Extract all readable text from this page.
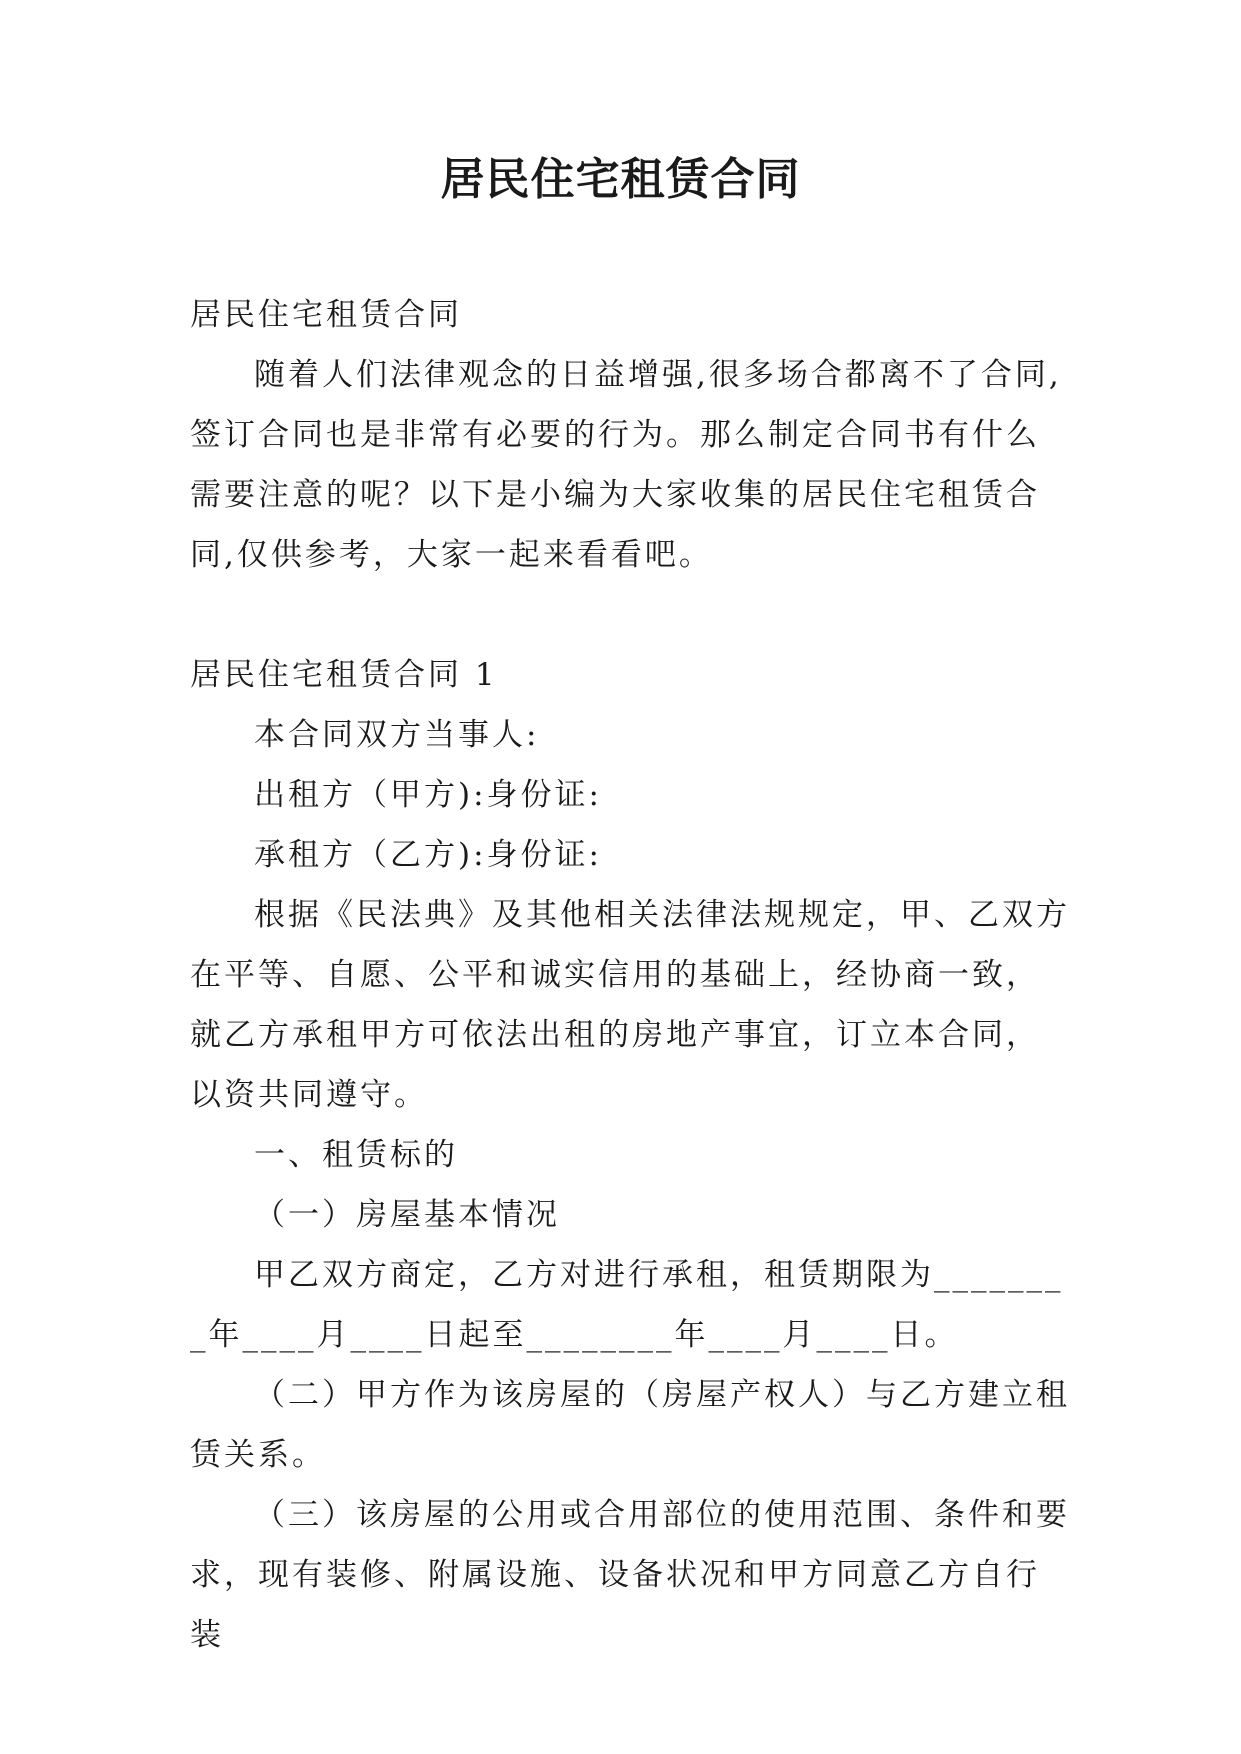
居民住宅租赁合同

居民住宅租赁合同

随着人们法律观念的日益增强,很多场合都离不了合同,签订合同也是非常有必要的行为。那么制定合同书有什么需要注意的呢？以下是小编为大家收集的居民住宅租赁合同,仅供参考，大家一起来看看吧。

居民住宅租赁合同 1

本合同双方当事人:

出租方（甲方):身份证:

承租方（乙方):身份证:

根据《民法典》及其他相关法律法规规定，甲、乙双方在平等、自愿、公平和诚实信用的基础上，经协商一致，就乙方承租甲方可依法出租的房地产事宜，订立本合同，以资共同遵守。

一、租赁标的

（一）房屋基本情况

甲乙双方商定，乙方对进行承租，租赁期限为________年____月____日起至________年____月____日。

（二）甲方作为该房屋的（房屋产权人）与乙方建立租赁关系。

（三）该房屋的公用或合用部位的使用范围、条件和要求，现有装修、附属设施、设备状况和甲方同意乙方自行装
